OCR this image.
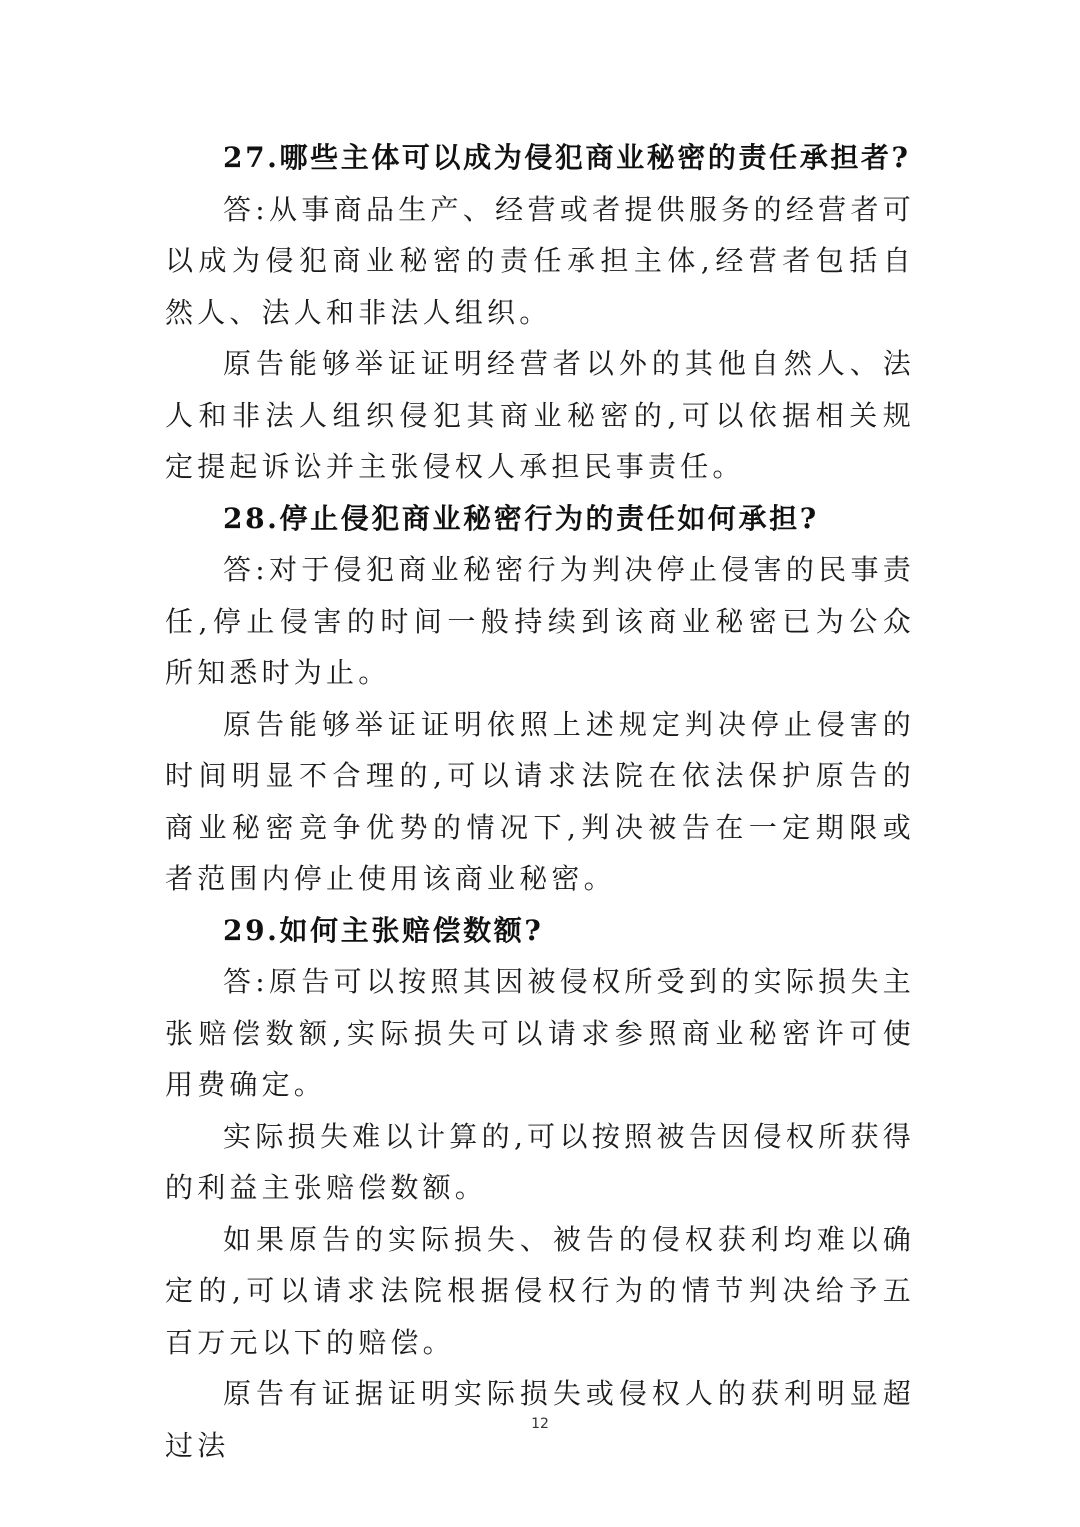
27.哪些主体可以成为侵犯商业秘密的责任承担者?

答:从事商品生产、经营或者提供服务的经营者可以成为侵犯商业秘密的责任承担主体,经营者包括自然人、法人和非法人组织。

原告能够举证证明经营者以外的其他自然人、法人和非法人组织侵犯其商业秘密的,可以依据相关规定提起诉讼并主张侵权人承担民事责任。

28.停止侵犯商业秘密行为的责任如何承担?

答:对于侵犯商业秘密行为判决停止侵害的民事责任,停止侵害的时间一般持续到该商业秘密已为公众所知悉时为止。

原告能够举证证明依照上述规定判决停止侵害的时间明显不合理的,可以请求法院在依法保护原告的商业秘密竞争优势的情况下,判决被告在一定期限或者范围内停止使用该商业秘密。

29.如何主张赔偿数额?

答:原告可以按照其因被侵权所受到的实际损失主张赔偿数额,实际损失可以请求参照商业秘密许可使用费确定。

实际损失难以计算的,可以按照被告因侵权所获得的利益主张赔偿数额。

如果原告的实际损失、被告的侵权获利均难以确定的,可以请求法院根据侵权行为的情节判决给予五百万元以下的赔偿。

原告有证据证明实际损失或侵权人的获利明显超过法

12
